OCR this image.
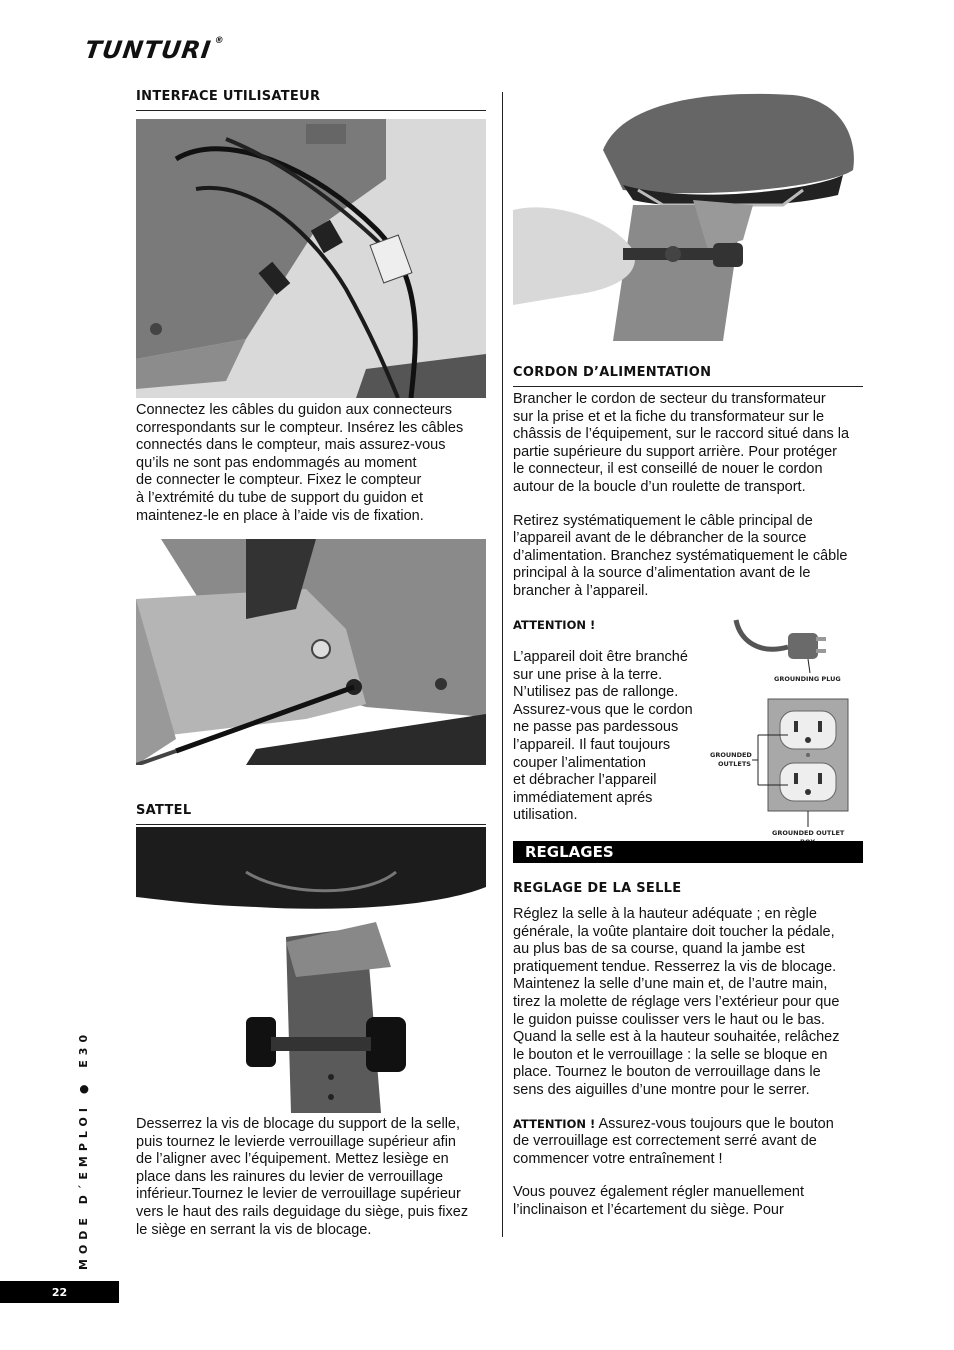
TUNTURI®
INTERFACE UTILISATEUR
Connectez les câbles du guidon aux connecteurs
correspondants sur le compteur. Insérez les câbles
connectés dans le compteur, mais assurez-vous
qu’ils ne sont pas endommagés au moment
de connecter le compteur. Fixez le compteur
à l’extrémité du tube de support du guidon et
maintenez-le en place à l’aide vis de fixation.
SATTEL
Desserrez la vis de blocage du support de la selle,
puis tournez le levierde verrouillage supérieur afin
de l’aligner avec l’équipement. Mettez lesiège en
place dans les rainures du levier de verrouillage
inférieur.Tournez le levier de verrouillage supérieur
vers le haut des rails deguidage du siège, puis fixez
le siège en serrant la vis de blocage.
CORDON D’ALIMENTATION

Brancher le cordon de secteur du transformateur
sur la prise et et la fiche du transformateur sur le
châssis de l’équipement, sur le raccord situé dans la
partie supérieure du support arrière. Pour protéger
le connecteur, il est conseillé de nouer le cordon
autour de la boucle d’un roulette de transport.

Retirez systématiquement le câble principal de
l’appareil avant de le débrancher de la source
d’alimentation. Branchez systématiquement le câble
principal à la source d’alimentation avant de le
brancher à l’appareil.

ATTENTION !
L’appareil doit être branché
sur une prise à la terre.
N’utilisez pas de rallonge.
Assurez-vous que le cordon
ne passe pas pardessous
l’appareil. Il faut toujours
couper l’alimentation
et débracher l’appareil
immédiatement aprés
utilisation.
GROUNDING PLUG
GROUNDED
OUTLETS
GROUNDED OUTLET
REGLAGES
REGLAGE DE LA SELLE

Réglez la selle à la hauteur adéquate ; en règle
générale, la voûte plantaire doit toucher la pédale,
au plus bas de sa course, quand la jambe est
pratiquement tendue. Resserrez la vis de blocage.
Maintenez la selle d’une main et, de l’autre main,
tirez la molette de réglage vers l’extérieur pour que
le guidon puisse coulisser vers le haut ou le bas.
Quand la selle est à la hauteur souhaitée, relâchez
le bouton et le verrouillage : la selle se bloque en
place. Tournez le bouton de verrouillage dans le
sens des aiguilles d’une montre pour le serrer.

ATTENTION ! Assurez-vous toujours que le bouton
de verrouillage est correctement serré avant de
commencer votre entraînement !

Vous pouvez également régler manuellement
l’inclinaison et l’écartement du siège. Pour

MODE D´EMPLOI ● E30
22
